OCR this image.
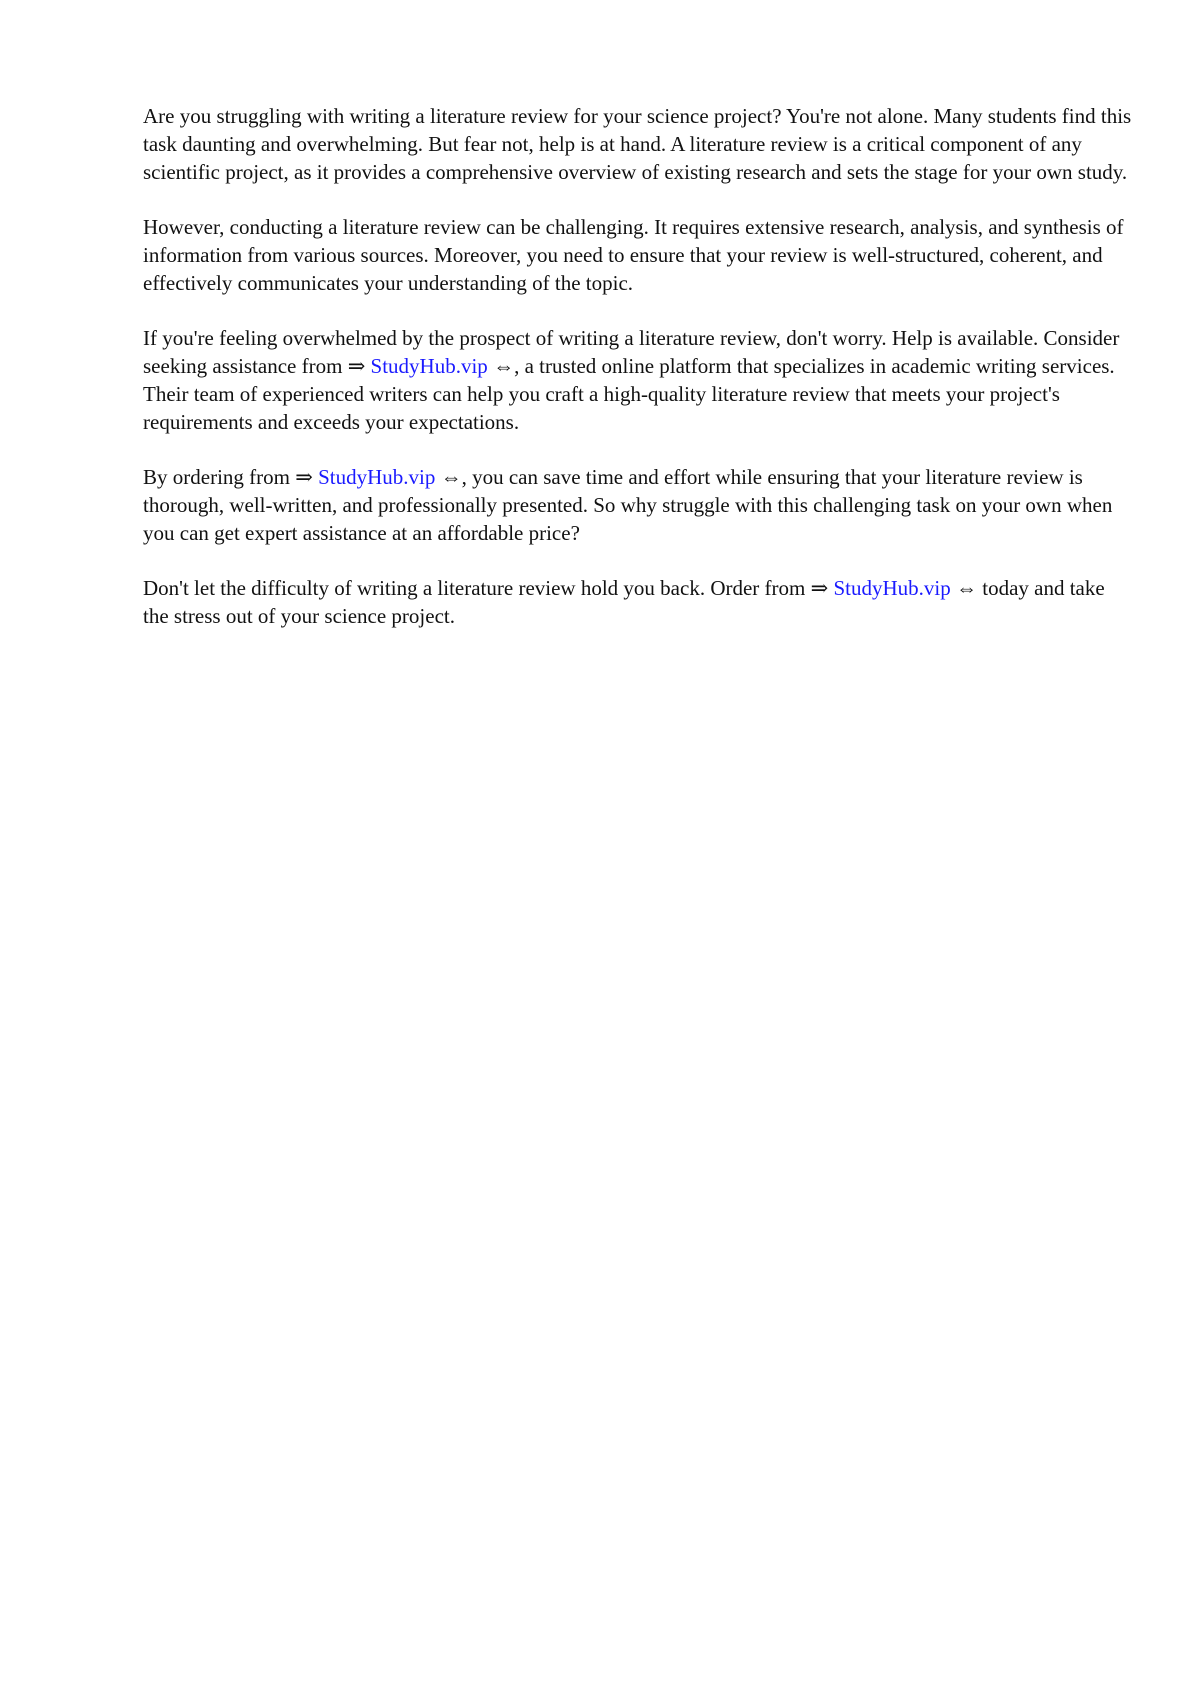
Are you struggling with writing a literature review for your science project? You're not alone. Many students find this task daunting and overwhelming. But fear not, help is at hand. A literature review is a critical component of any scientific project, as it provides a comprehensive overview of existing research and sets the stage for your own study.

However, conducting a literature review can be challenging. It requires extensive research, analysis, and synthesis of information from various sources. Moreover, you need to ensure that your review is well-structured, coherent, and effectively communicates your understanding of the topic.

If you're feeling overwhelmed by the prospect of writing a literature review, don't worry. Help is available. Consider seeking assistance from ⇒ StudyHub.vip ⇔, a trusted online platform that specializes in academic writing services. Their team of experienced writers can help you craft a high-quality literature review that meets your project's requirements and exceeds your expectations.

By ordering from ⇒ StudyHub.vip ⇔, you can save time and effort while ensuring that your literature review is thorough, well-written, and professionally presented. So why struggle with this challenging task on your own when you can get expert assistance at an affordable price?

Don't let the difficulty of writing a literature review hold you back. Order from ⇒ StudyHub.vip ⇔ today and take the stress out of your science project.
